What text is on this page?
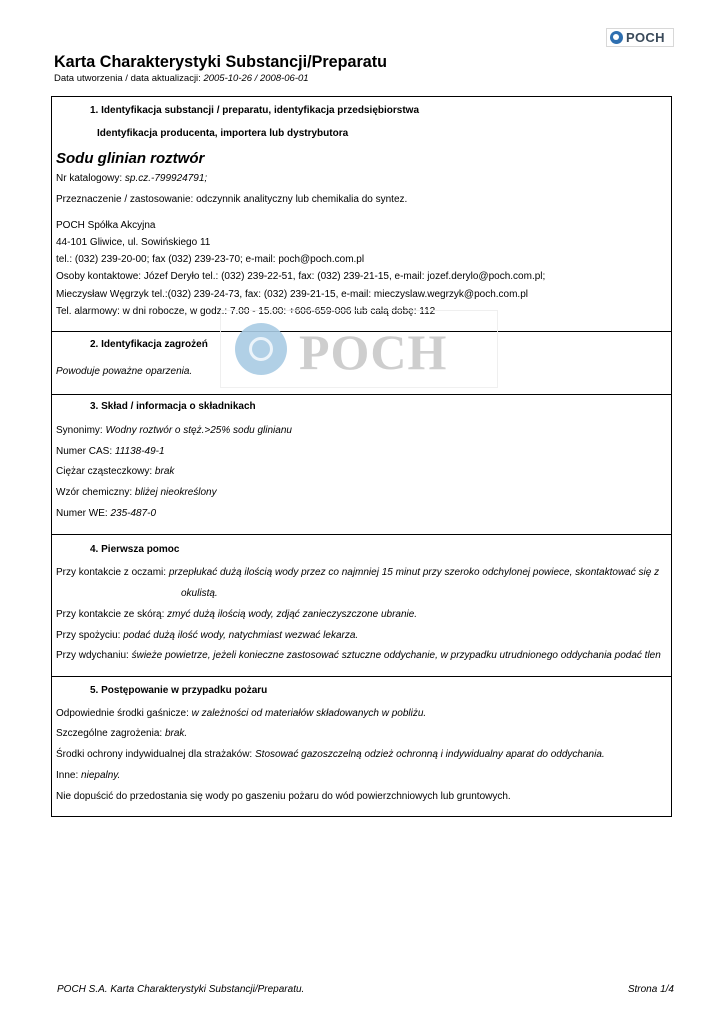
POCH
Karta Charakterystyki Substancji/Preparatu
Data utworzenia / data aktualizacji: 2005-10-26 / 2008-06-01
1. Identyfikacja substancji / preparatu, identyfikacja przedsiębiorstwa
Identyfikacja producenta, importera lub dystrybutora
Sodu glinian roztwór
Nr katalogowy: sp.cz.-799924791;
Przeznaczenie / zastosowanie: odczynnik analityczny lub chemikalia do syntez.
POCH Spółka Akcyjna
44-101 Gliwice, ul. Sowińskiego 11
tel.: (032) 239-20-00; fax (032) 239-23-70; e-mail: poch@poch.com.pl
Osoby kontaktowe: Józef Deryło tel.: (032) 239-22-51, fax: (032) 239-21-15, e-mail: jozef.derylo@poch.com.pl;
Mieczysław Węgrzyk tel.:(032) 239-24-73, fax: (032) 239-21-15, e-mail: mieczyslaw.wegrzyk@poch.com.pl
Tel. alarmowy: w dni robocze, w godz.: 7.00 - 15.00: +606-659-006 lub całą dobę: 112
2. Identyfikacja zagrożeń
Powoduje poważne oparzenia.
3. Skład / informacja o składnikach
Synonimy: Wodny roztwór o stęż.>25% sodu glinianu
Numer CAS: 11138-49-1
Ciężar cząsteczkowy: brak
Wzór chemiczny: bliżej nieokreślony
Numer WE: 235-487-0
4. Pierwsza pomoc
Przy kontakcie z oczami: przepłukać dużą ilością wody przez co najmniej 15 minut przy szeroko odchylonej powiece, skontaktować się z
okulistą.
Przy kontakcie ze skórą: zmyć dużą ilością wody, zdjąć zanieczyszczone ubranie.
Przy spożyciu: podać dużą ilość wody, natychmiast wezwać lekarza.
Przy wdychaniu: świeże powietrze, jeżeli konieczne zastosować sztuczne oddychanie, w przypadku utrudnionego oddychania podać tlen
5. Postępowanie w przypadku pożaru
Odpowiednie środki gaśnicze: w zależności od materiałów składowanych w pobliżu.
Szczególne zagrożenia: brak.
Środki ochrony indywidualnej dla strażaków: Stosować gazoszczelną odzież ochronną i indywidualny aparat do oddychania.
Inne: niepalny.
Nie dopuścić do przedostania się wody po gaszeniu pożaru do wód powierzchniowych lub gruntowych.
POCH
POCH S.A. Karta Charakterystyki Substancji/Preparatu.	Strona 1/4
